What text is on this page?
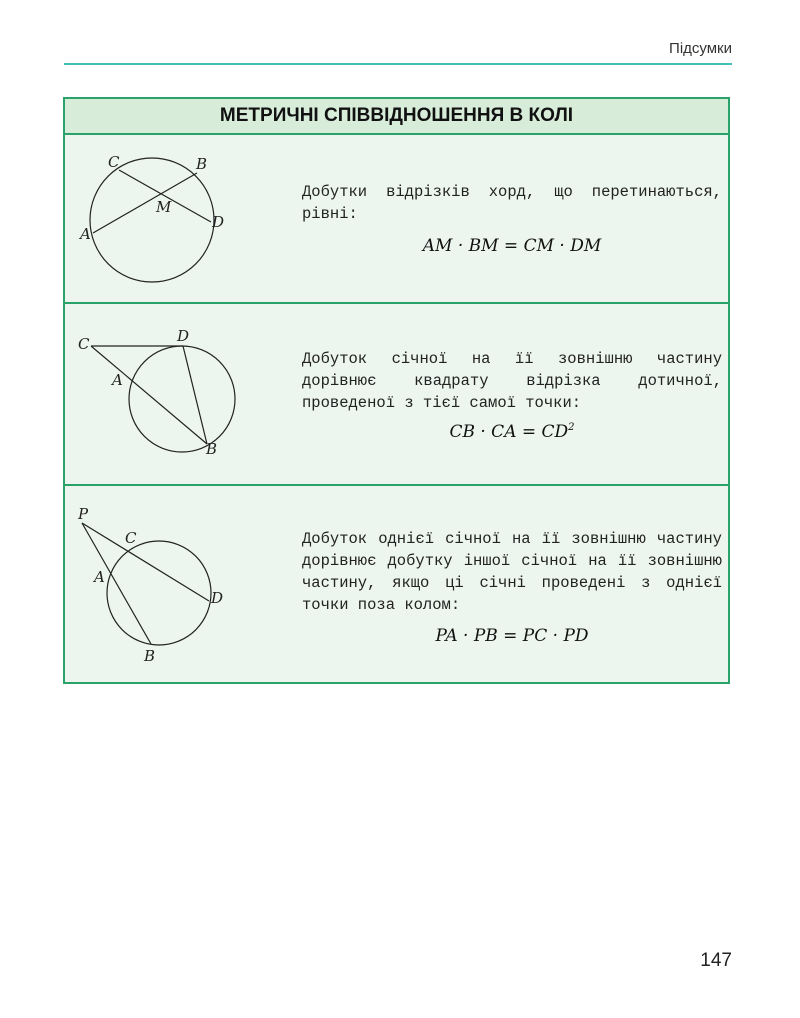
Підсумки
МЕТРИЧНІ СПІВВІДНОШЕННЯ В КОЛІ
C	B
M
A
D
Добутки відрізків хорд, що перетинаються, рівні:
AM · BM = CM · DM
C	D
A
B
Добуток січної на її зовнішню частину дорівнює квадрату відрізка дотичної, проведеної з тієї самої точки:
CB · CA = $CD^2$
P
C
A
D
B
Добуток однієї січної на її зовнішню частину дорівнює добутку іншої січної на її зовнішню частину, якщо ці січні проведені з однієї точки поза колом:
PA · PB = PC · PD
147
